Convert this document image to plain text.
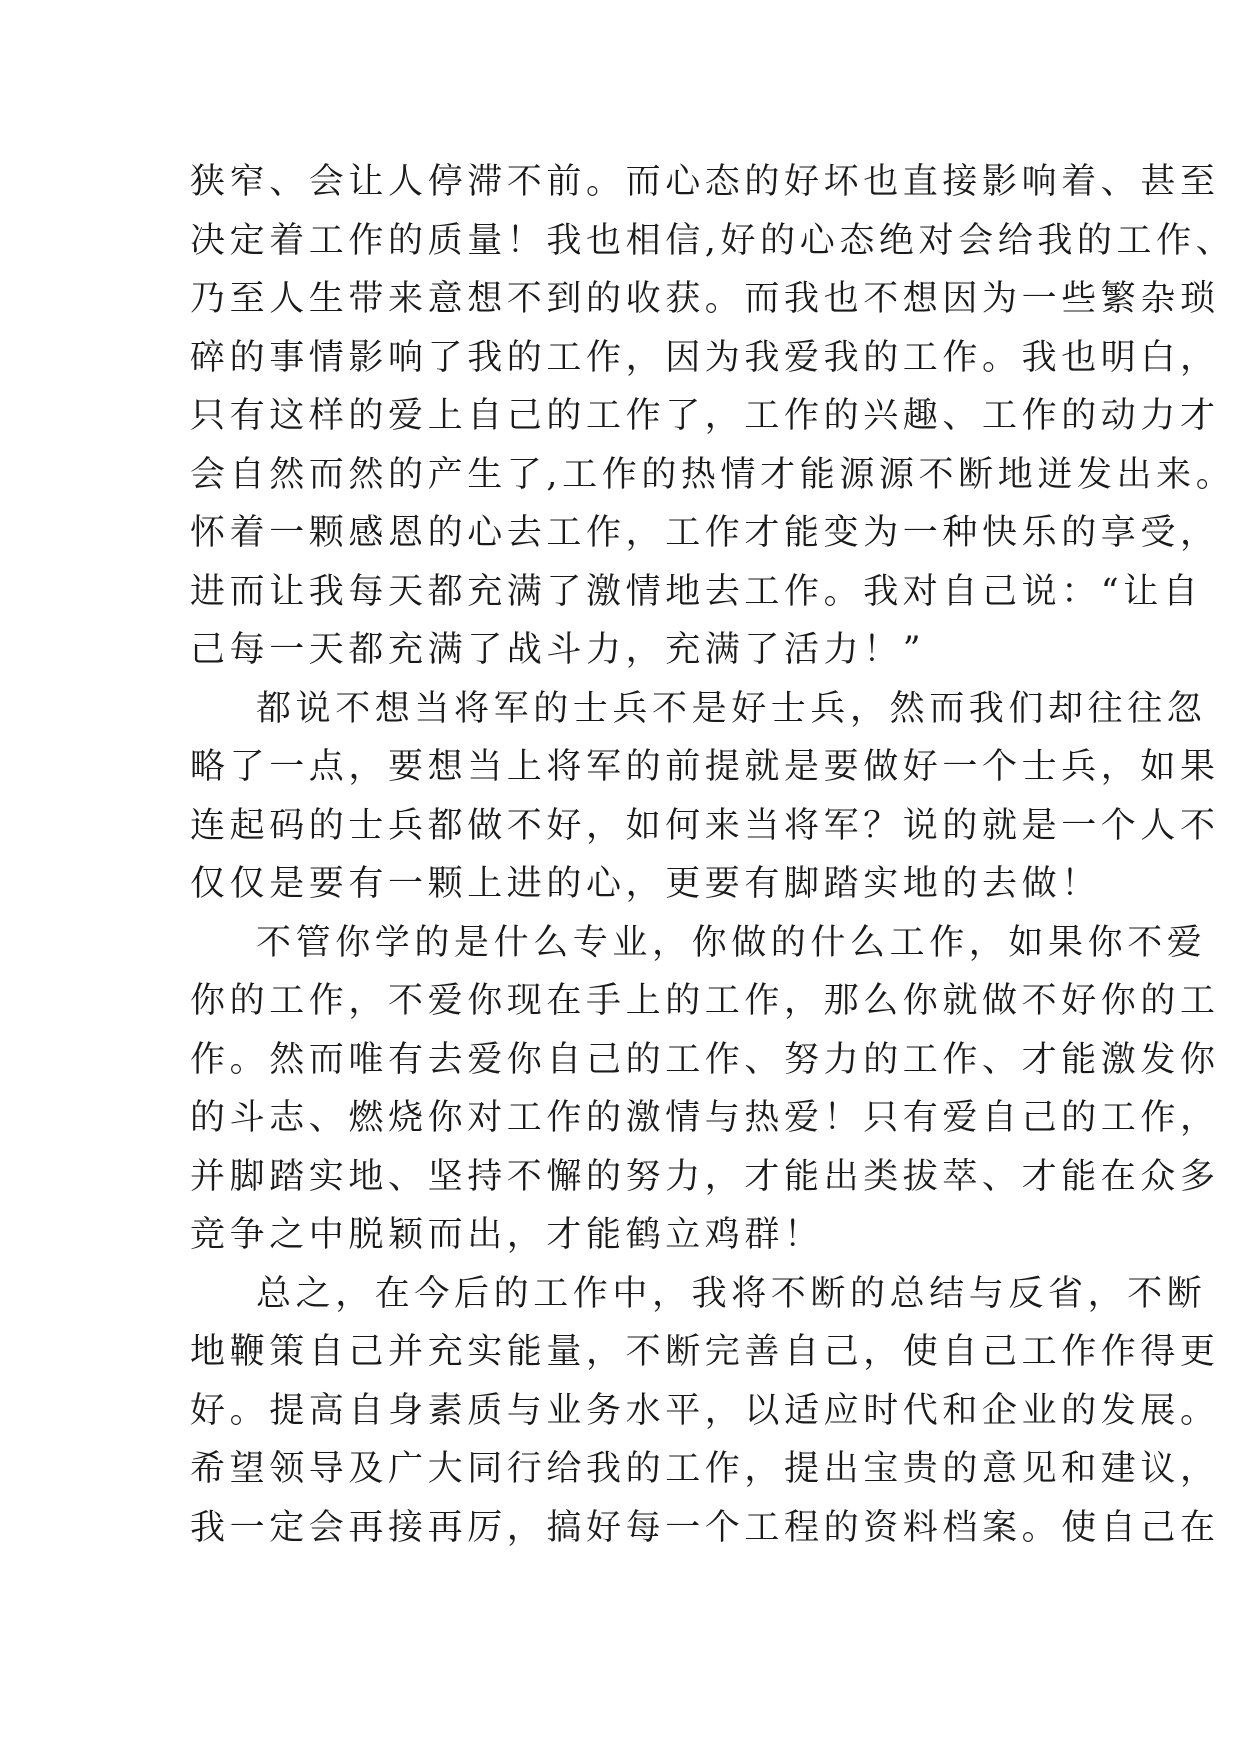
狭窄、会让人停滞不前。而心态的好坏也直接影响着、甚至
决定着工作的质量！我也相信,好的心态绝对会给我的工作、
乃至人生带来意想不到的收获。而我也不想因为一些繁杂琐
碎的事情影响了我的工作，因为我爱我的工作。我也明白，
只有这样的爱上自己的工作了，工作的兴趣、工作的动力才
会自然而然的产生了,工作的热情才能源源不断地迸发出来。
怀着一颗感恩的心去工作，工作才能变为一种快乐的享受，
进而让我每天都充满了激情地去工作。我对自己说：“让自
己每一天都充满了战斗力，充满了活力！”
都说不想当将军的士兵不是好士兵，然而我们却往往忽
略了一点，要想当上将军的前提就是要做好一个士兵，如果
连起码的士兵都做不好，如何来当将军？说的就是一个人不
仅仅是要有一颗上进的心，更要有脚踏实地的去做！
不管你学的是什么专业，你做的什么工作，如果你不爱
你的工作，不爱你现在手上的工作，那么你就做不好你的工
作。然而唯有去爱你自己的工作、努力的工作、才能激发你
的斗志、燃烧你对工作的激情与热爱！只有爱自己的工作，
并脚踏实地、坚持不懈的努力，才能出类拔萃、才能在众多
竞争之中脱颖而出，才能鹤立鸡群！
总之，在今后的工作中，我将不断的总结与反省，不断
地鞭策自己并充实能量，不断完善自己，使自己工作作得更
好。提高自身素质与业务水平，以适应时代和企业的发展。
希望领导及广大同行给我的工作，提出宝贵的意见和建议，
我一定会再接再厉，搞好每一个工程的资料档案。使自己在
